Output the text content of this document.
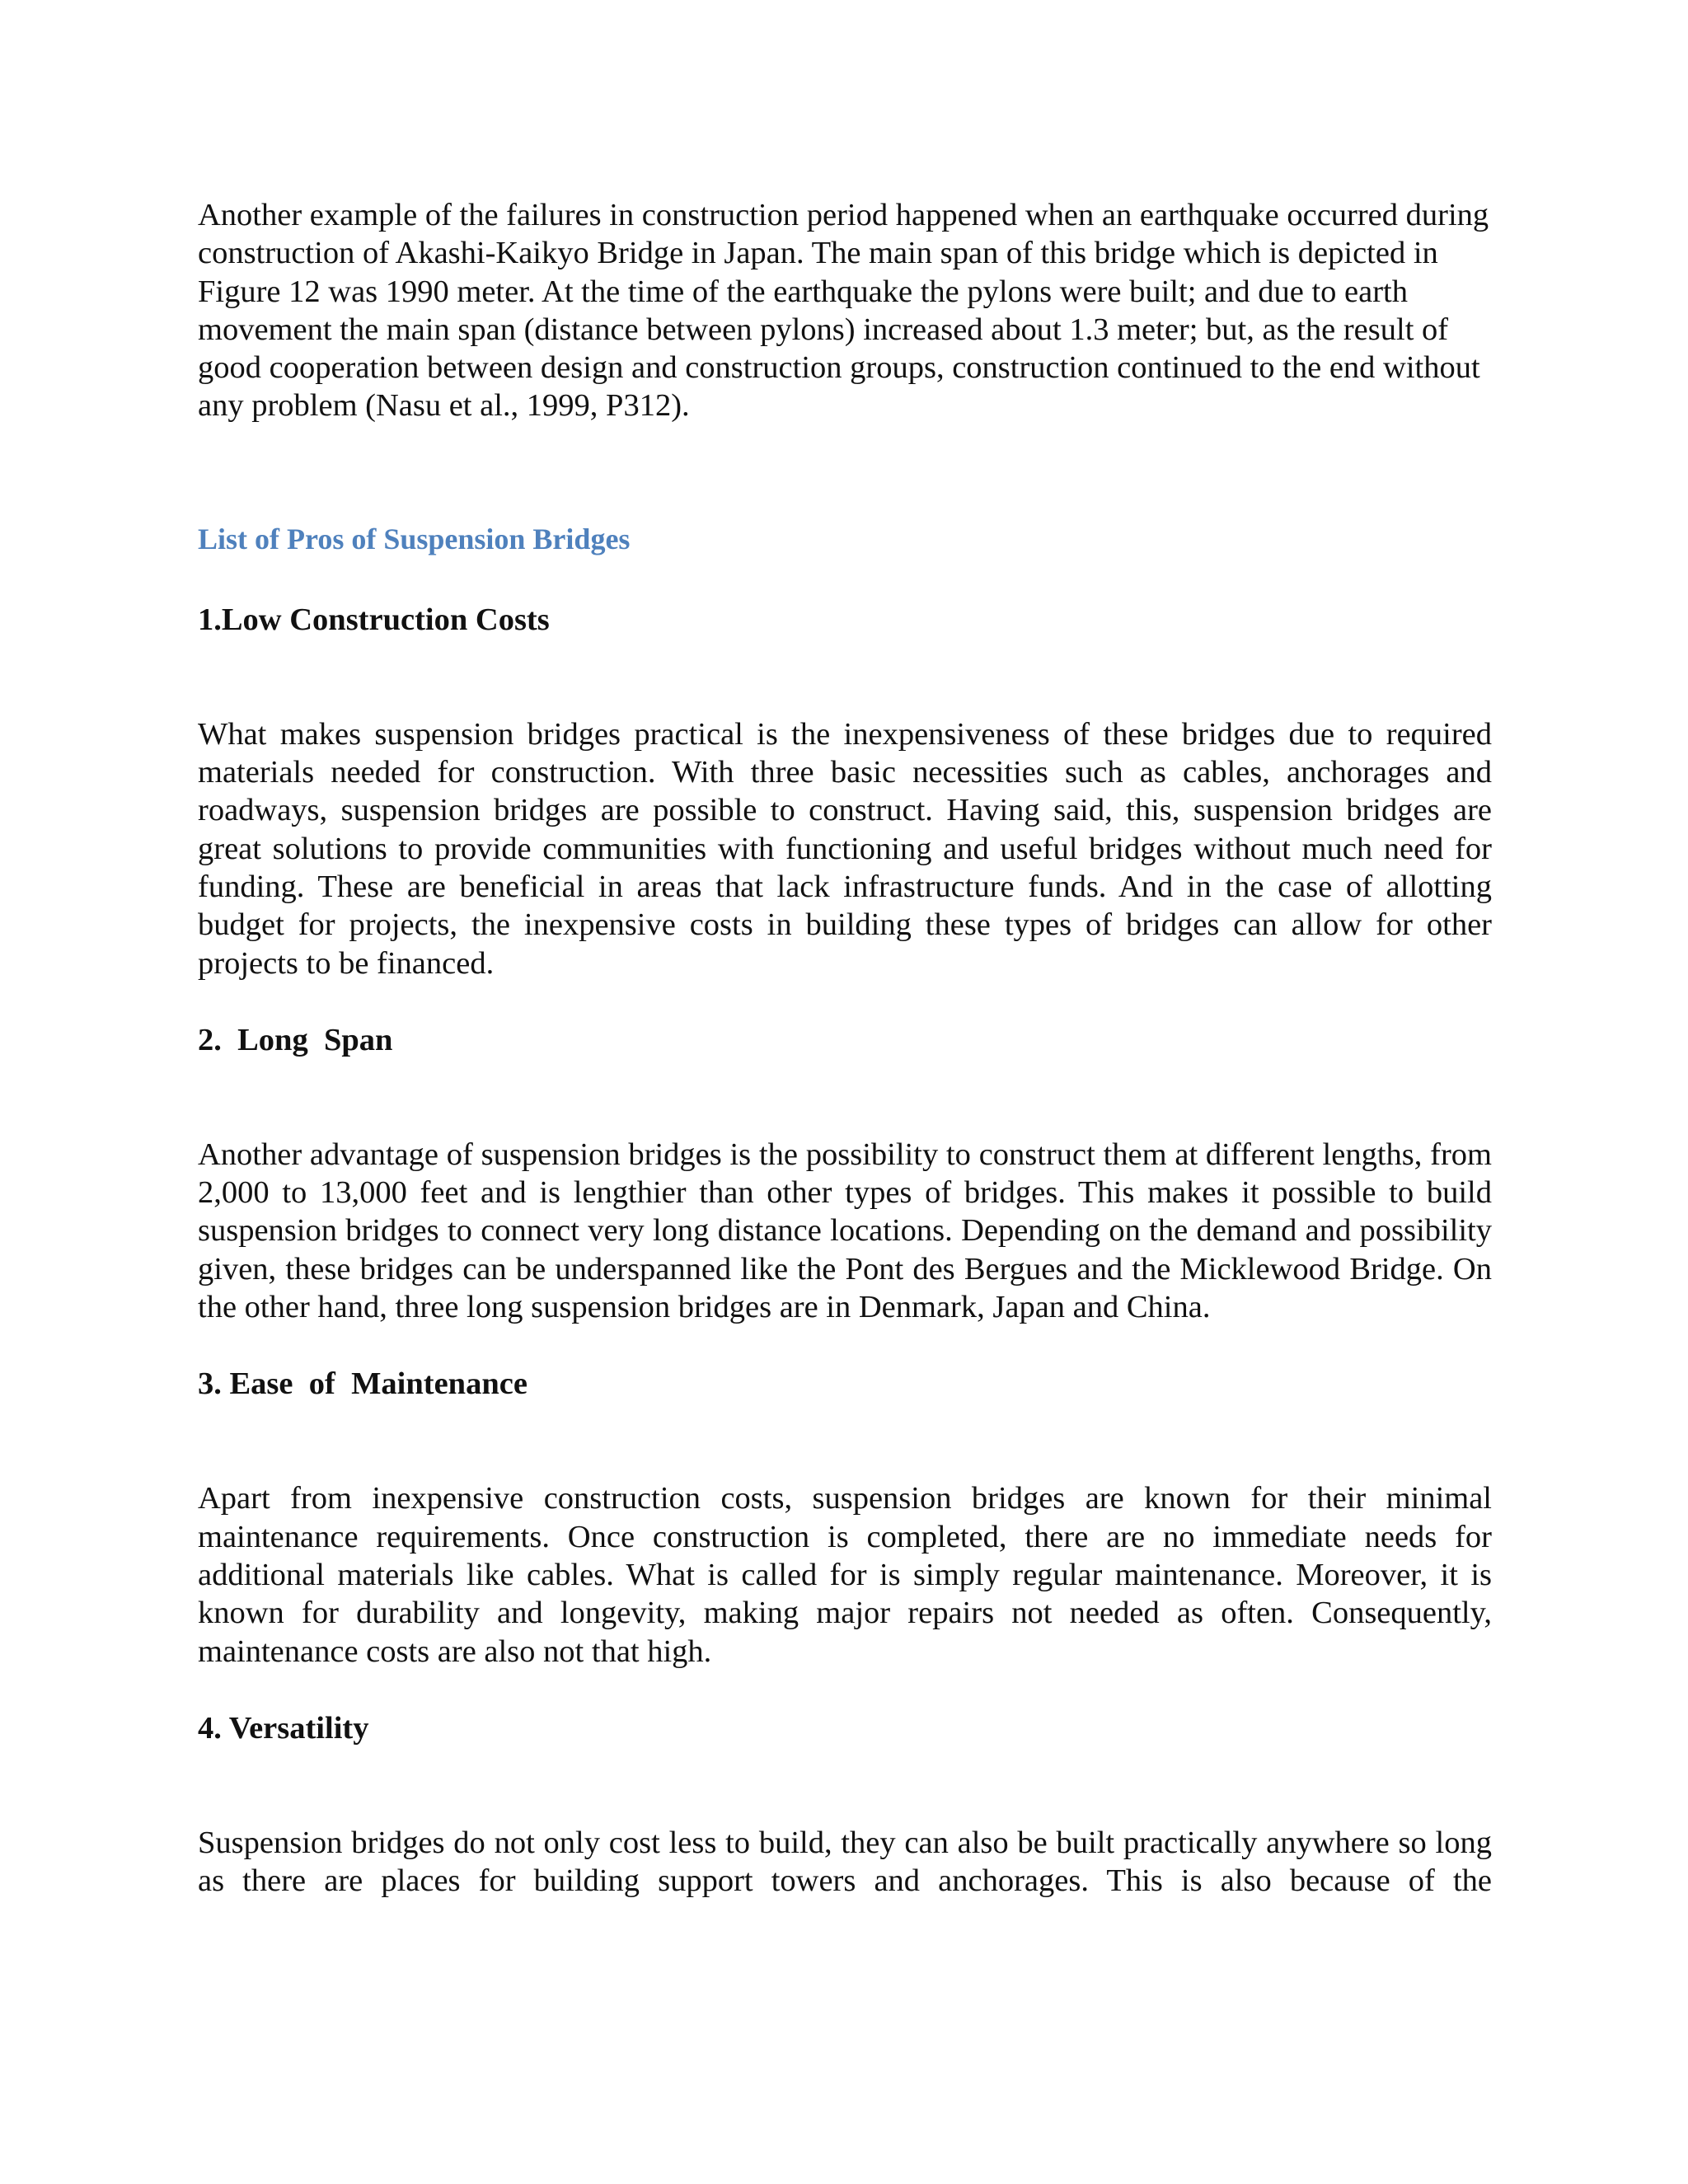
Another example of the failures in construction period happened when an earthquake occurred during construction of Akashi-Kaikyo Bridge in Japan. The main span of this bridge which is depicted in Figure 12 was 1990 meter. At the time of the earthquake the pylons were built; and due to earth movement the main span (distance between pylons) increased about 1.3 meter; but, as the result of good cooperation between design and construction groups, construction continued to the end without any problem (Nasu et al., 1999, P312).

List of Pros of Suspension Bridges
1.Low Construction Costs

What makes suspension bridges practical is the inexpensiveness of these bridges due to required materials needed for construction. With three basic necessities such as cables, anchorages and roadways, suspension bridges are possible to construct. Having said, this, suspension bridges are great solutions to provide communities with functioning and useful bridges without much need for funding. These are beneficial in areas that lack infrastructure funds. And in the case of allotting budget for projects, the inexpensive costs in building these types of bridges can allow for other projects to be financed.

2.  Long  Span

Another advantage of suspension bridges is the possibility to construct them at different lengths, from 2,000 to 13,000 feet and is lengthier than other types of bridges. This makes it possible to build suspension bridges to connect very long distance locations. Depending on the demand and possibility given, these bridges can be underspanned like the Pont des Bergues and the Micklewood Bridge. On the other hand, three long suspension bridges are in Denmark, Japan and China.

3. Ease  of  Maintenance

Apart from inexpensive construction costs, suspension bridges are known for their minimal maintenance requirements. Once construction is completed, there are no immediate needs for additional materials like cables. What is called for is simply regular maintenance. Moreover, it is known for durability and longevity, making major repairs not needed as often. Consequently, maintenance costs are also not that high.

4. Versatility

Suspension bridges do not only cost less to build, they can also be built practically anywhere so long as there are places for building support towers and anchorages. This is also because of the
